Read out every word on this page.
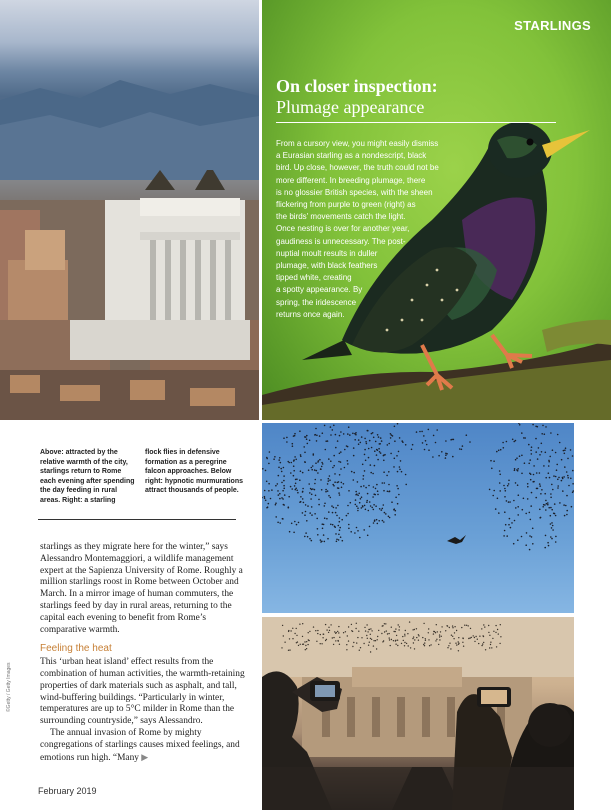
STARLINGS
On closer inspection:
Plumage appearance
From a cursory view, you might easily dismiss
a Eurasian starling as a nondescript, black
bird. Up close, however, the truth could not be
more different. In breeding plumage, there
is no glossier British species, with the sheen
flickering from purple to green (right) as
the birds' movements catch the light.
Once nesting is over for another year,
gaudiness is unnecessary. The post-
nuptial moult results in duller
plumage, with black feathers
tipped white, creating
a spotty appearance. By
spring, the iridescence
returns once again.
Above: attracted by the relative warmth of the city, starlings return to Rome each evening after spending the day feeding in rural areas. Right: a starling
flock flies in defensive formation as a peregrine falcon approaches. Below right: hypnotic murmurations attract thousands of people.

starlings as they migrate here for the winter,” says Alessandro Montemaggiori, a wildlife management expert at the Sapienza University of Rome. Roughly a million starlings roost in Rome between October and March. In a mirror image of human commuters, the starlings feed by day in rural areas, returning to the capital each evening to benefit from Rome’s comparative warmth.

Feeling the heat

This ‘urban heat island’ effect results from the combination of human activities, the warmth-retaining properties of dark materials such as asphalt, and tall, wind-buffering buildings. “Particularly in winter, temperatures are up to 5°C milder in Rome than the surrounding countryside,” says Alessandro.

The annual invasion of Rome by mighty congregations of starlings causes mixed feelings, and emotions run high. “Many ▶

©Getty / Getty Images
February 2019
